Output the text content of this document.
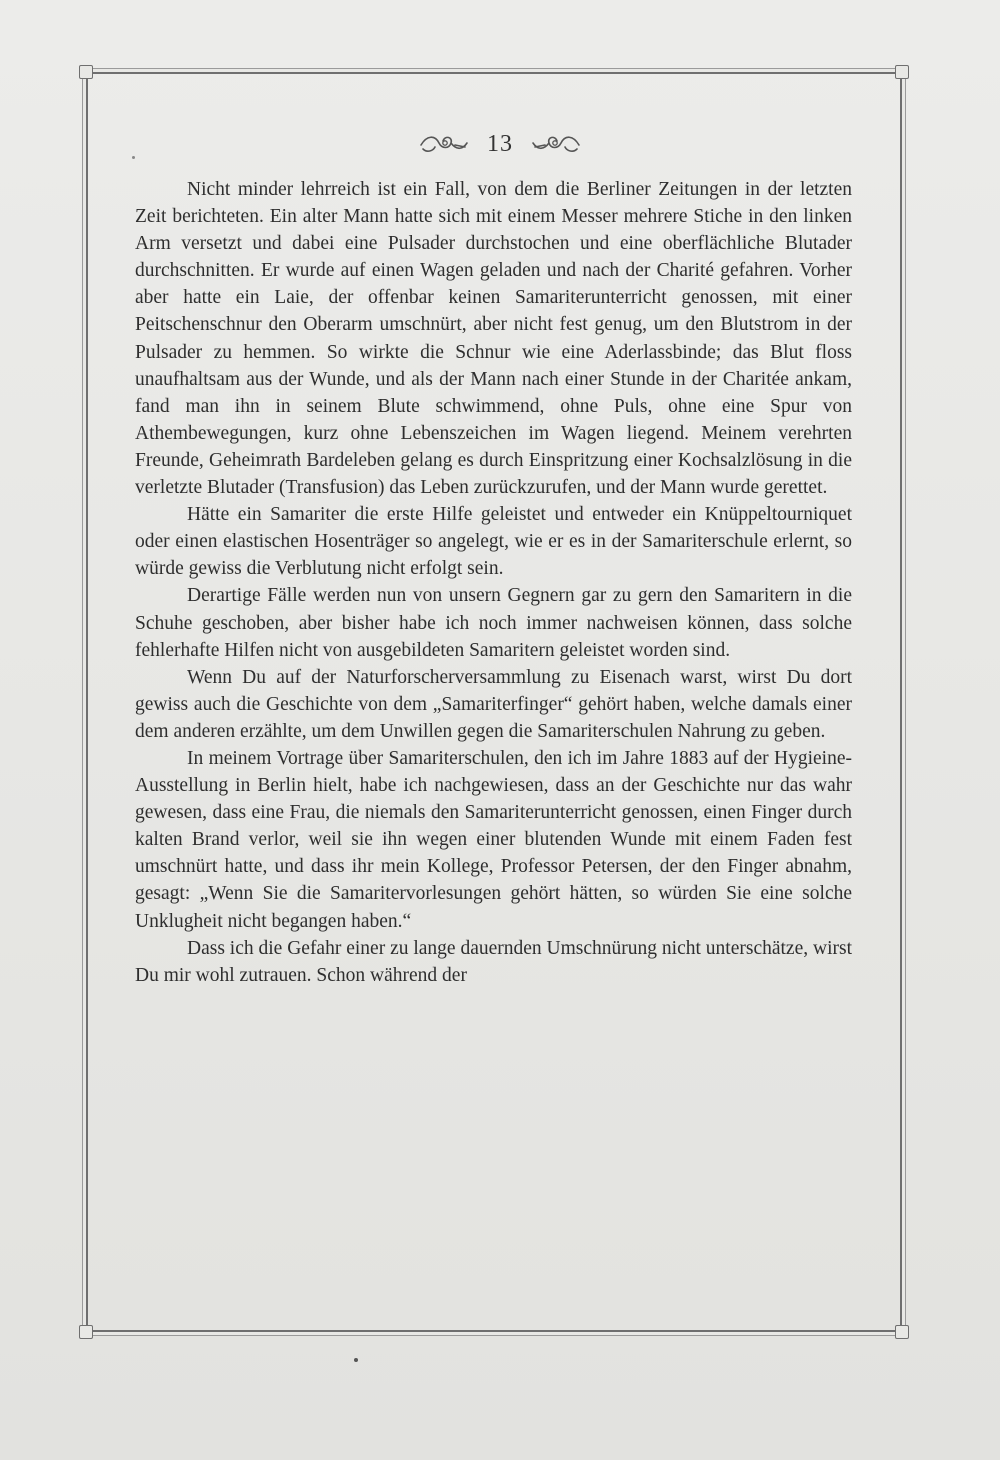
13

Nicht minder lehrreich ist ein Fall, von dem die Berliner Zeitungen in der letzten Zeit berichteten. Ein alter Mann hatte sich mit einem Messer mehrere Stiche in den linken Arm versetzt und dabei eine Pulsader durchstochen und eine oberflächliche Blutader durchschnitten. Er wurde auf einen Wagen geladen und nach der Charité gefahren. Vorher aber hatte ein Laie, der offenbar keinen Samariterunterricht genossen, mit einer Peitschenschnur den Oberarm umschnürt, aber nicht fest genug, um den Blutstrom in der Pulsader zu hemmen. So wirkte die Schnur wie eine Aderlassbinde; das Blut floss unaufhaltsam aus der Wunde, und als der Mann nach einer Stunde in der Charitée ankam, fand man ihn in seinem Blute schwimmend, ohne Puls, ohne eine Spur von Athembewegungen, kurz ohne Lebenszeichen im Wagen liegend. Meinem verehrten Freunde, Geheimrath Bardeleben gelang es durch Einspritzung einer Kochsalzlösung in die verletzte Blutader (Transfusion) das Leben zurückzurufen, und der Mann wurde gerettet.

Hätte ein Samariter die erste Hilfe geleistet und entweder ein Knüppeltourniquet oder einen elastischen Hosenträger so angelegt, wie er es in der Samariterschule erlernt, so würde gewiss die Verblutung nicht erfolgt sein.

Derartige Fälle werden nun von unsern Gegnern gar zu gern den Samaritern in die Schuhe geschoben, aber bisher habe ich noch immer nachweisen können, dass solche fehlerhafte Hilfen nicht von ausgebildeten Samaritern geleistet worden sind.

Wenn Du auf der Naturforscherversammlung zu Eisenach warst, wirst Du dort gewiss auch die Geschichte von dem „Samariterfinger“ gehört haben, welche damals einer dem anderen erzählte, um dem Unwillen gegen die Samariterschulen Nahrung zu geben.

In meinem Vortrage über Samariterschulen, den ich im Jahre 1883 auf der Hygieine-Ausstellung in Berlin hielt, habe ich nachgewiesen, dass an der Geschichte nur das wahr gewesen, dass eine Frau, die niemals den Samariterunterricht genossen, einen Finger durch kalten Brand verlor, weil sie ihn wegen einer blutenden Wunde mit einem Faden fest umschnürt hatte, und dass ihr mein Kollege, Professor Petersen, der den Finger abnahm, gesagt: „Wenn Sie die Samaritervorlesungen gehört hätten, so würden Sie eine solche Unklugheit nicht begangen haben.“

Dass ich die Gefahr einer zu lange dauernden Umschnürung nicht unterschätze, wirst Du mir wohl zutrauen. Schon während der
